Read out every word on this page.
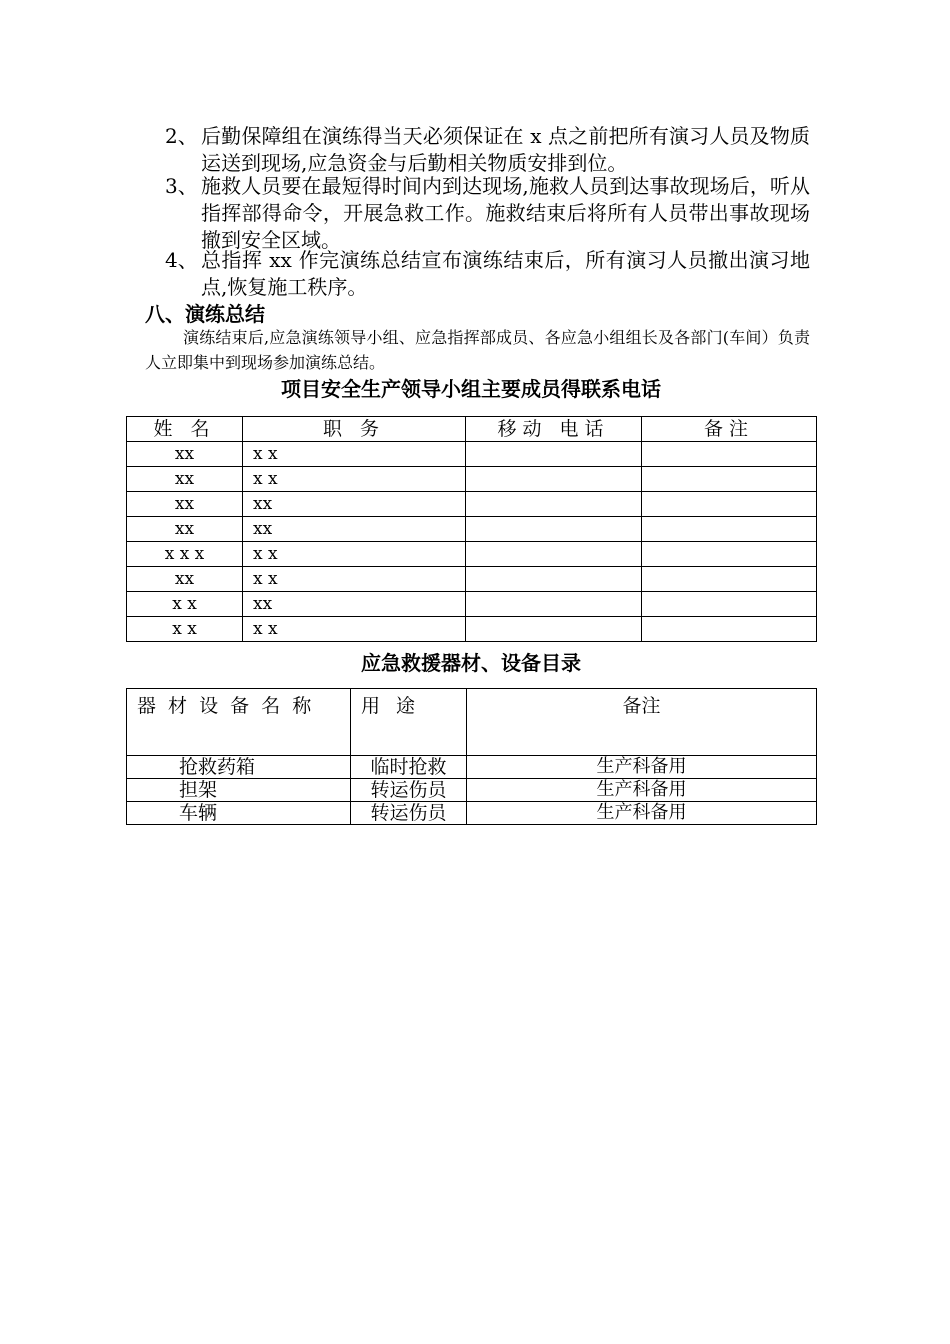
2、 后勤保障组在演练得当天必须保证在 x 点之前把所有演习人员及物质运送到现场,应急资金与后勤相关物质安排到位。
3、 施救人员要在最短得时间内到达现场,施救人员到达事故现场后，听从指挥部得命令，开展急救工作。施救结束后将所有人员带出事故现场撤到安全区域。
4、 总指挥 xx 作完演练总结宣布演练结束后，所有演习人员撤出演习地点,恢复施工秩序。
八、演练总结
演练结束后,应急演练领导小组、应急指挥部成员、各应急小组组长及各部门(车间）负责人立即集中到现场参加演练总结。
项目安全生产领导小组主要成员得联系电话
姓 名	职 务	移动 电话	备注
xx	x x		
xx	x x		
xx	xx		
xx	xx		
x x x	x x		
xx	x x		
x x	xx		
x x	x x		
应急救援器材、设备目录
器 材 设 备 名 称	用 途	备注
抢救药箱	临时抢救	生产科备用
担架	转运伤员	生产科备用
车辆	转运伤员	生产科备用
